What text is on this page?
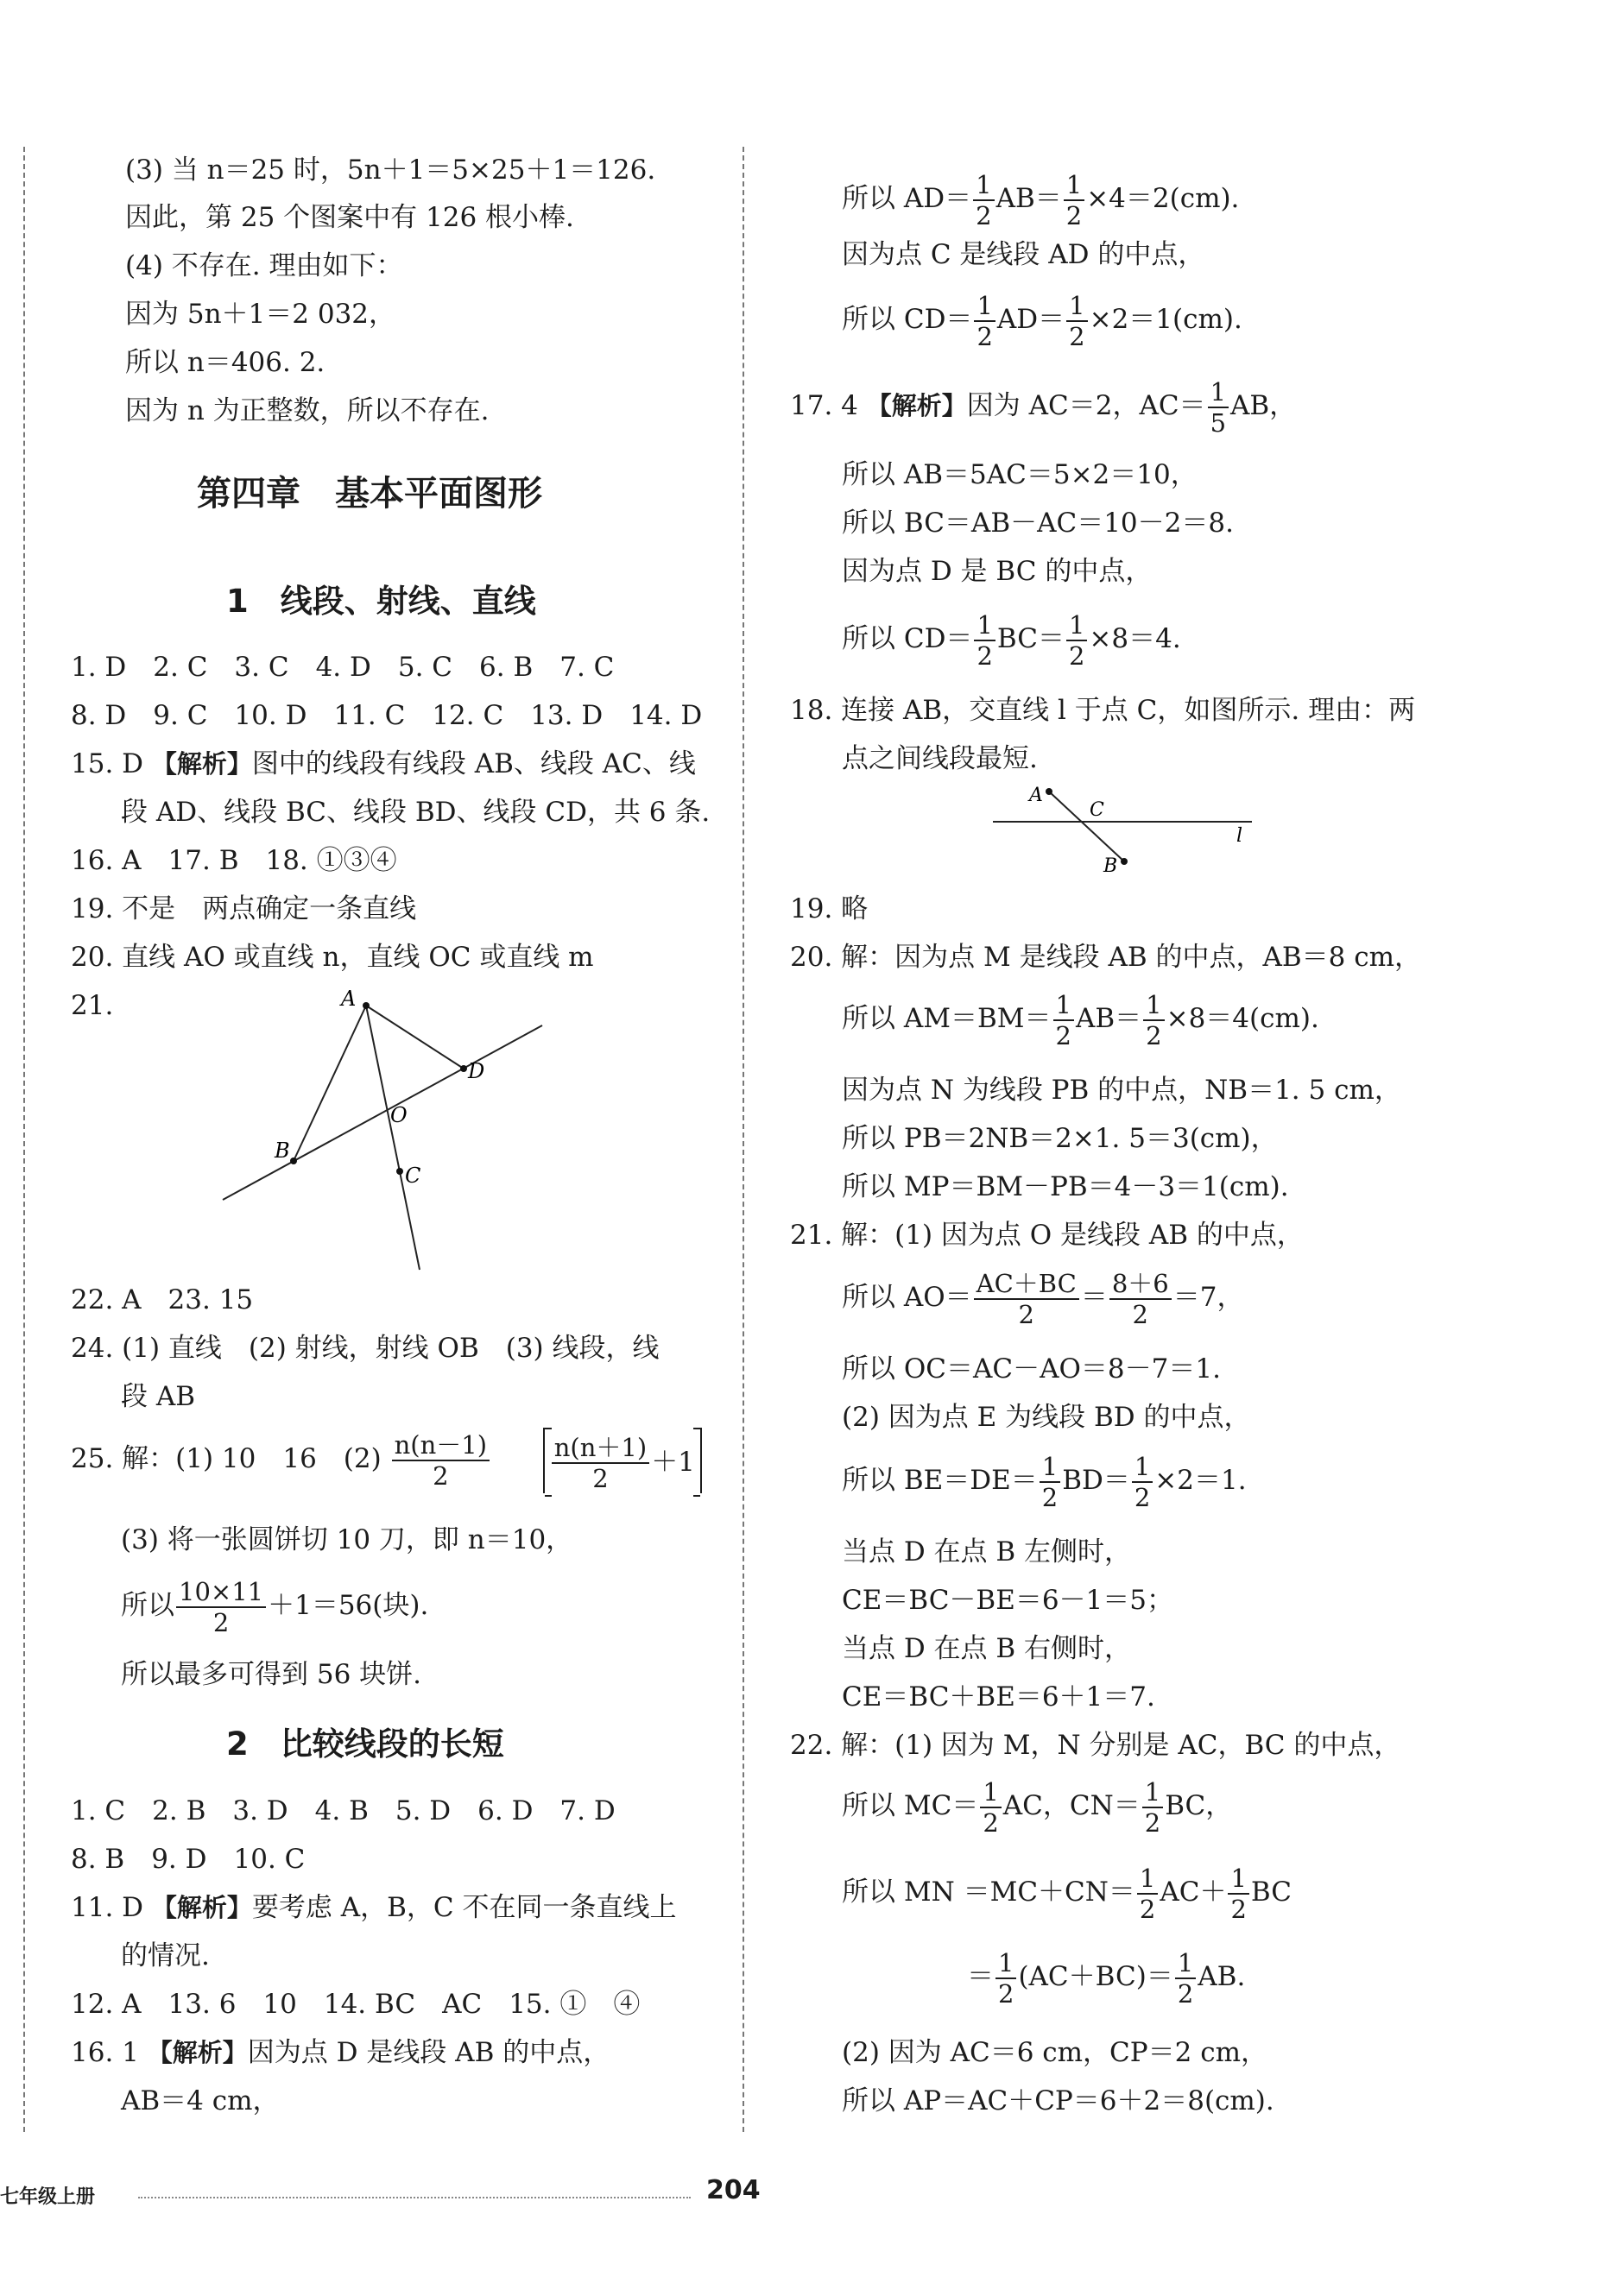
(3) 当 n＝25 时，5n＋1＝5×25＋1＝126.
因此，第 25 个图案中有 126 根小棒.
(4) 不存在. 理由如下：
因为 5n＋1＝2 032，
所以 n＝406. 2.
因为 n 为正整数，所以不存在.
第四章　基本平面图形
1　线段、射线、直线
1. D　2. C　3. C　4. D　5. C　6. B　7. C
8. D　9. C　10. D　11. C　12. C　13. D　14. D
15. D 【解析】图中的线段有线段 AB、线段 AC、线
段 AD、线段 BC、线段 BD、线段 CD，共 6 条.
16. A　17. B　18. ①③④
19. 不是　两点确定一条直线
20. 直线 AO 或直线 n，直线 OC 或直线 m
21.	A
B
D
O
C
22. A　23. 15
24. (1) 直线　(2) 射线，射线 OB　(3) 线段，线
段 AB
25. 解：(1) 10　16　$(2) \frac{n(n-1)}{2}$
$\frac{n(n+1)}{2} +1$
(3) 将一张圆饼切 10 刀，即 n＝10，
所以 $\frac{10\times 11}{2} +1=56$(块).
所以最多可得到 56 块饼.
2　比较线段的长短
1. C　2. B　3. D　4. B　5. D　6. D　7. D
8. B　9. D　10. C
11. D 【解析】要考虑 A，B，C 不在同一条直线上
的情况.
12. A　13. 6　10　14. BC　AC　15. ①　④
16. 1 【解析】因为点 D 是线段 AB 的中点，
AB＝4 cm，
所以 $AD= \frac{1}{2} AB= \frac{1}{2} \times 4=2(cm)$.
因为点 C 是线段 AD 的中点，
所以 $CD= \frac{1}{2} AD= \frac{1}{2} \times 2=1(cm)$.
17. 4 【解析】因为 AC＝2，$AC= \frac{1}{5}$ AB，
所以 AB＝5AC＝5×2＝10，
所以 BC＝AB－AC＝10－2＝8.
因为点 D 是 BC 的中点，
所以 $CD= \frac{1}{2} BC= \frac{1}{2} \times 8=4$.
18. 连接 AB，交直线 l 于点 C，如图所示. 理由：两
点之间线段最短.
A
C
l
B
19. 略
20. 解：因为点 M 是线段 AB 的中点，AB＝8 cm，
所以 $AM=BM= \frac{1}{2} AB= \frac{1}{2} \times 8=4(cm)$.
因为点 N 为线段 PB 的中点，NB＝1. 5 cm，
所以 PB＝2NB＝2×1. 5＝3(cm)，
所以 MP＝BM－PB＝4－3＝1(cm).
21. 解：(1) 因为点 O 是线段 AB 的中点，
所以 $AO= \frac{AC+BC}{2} = \frac{8+6}{2} =7$，
所以 OC＝AC－AO＝8－7＝1.
(2) 因为点 E 为线段 BD 的中点，
所以 $BE=DE= \frac{1}{2} BD= \frac{1}{2} \times 2=1$.
当点 D 在点 B 左侧时，
CE＝BC－BE＝6－1＝5；
当点 D 在点 B 右侧时，
CE＝BC＋BE＝6＋1＝7.
22. 解：(1) 因为 M，N 分别是 AC，BC 的中点，
所以 $MC= \frac{1}{2}$ AC，$CN= \frac{1}{2}$ BC，
所以 MN $=MC+CN= \frac{1}{2} AC+ \frac{1}{2}$ BC
＝ $\frac{1}{2} (AC+BC)= \frac{1}{2}$ AB.
(2) 因为 AC＝6 cm，CP＝2 cm，
所以 AP＝AC＋CP＝6＋2＝8(cm).
七年级上册	204
